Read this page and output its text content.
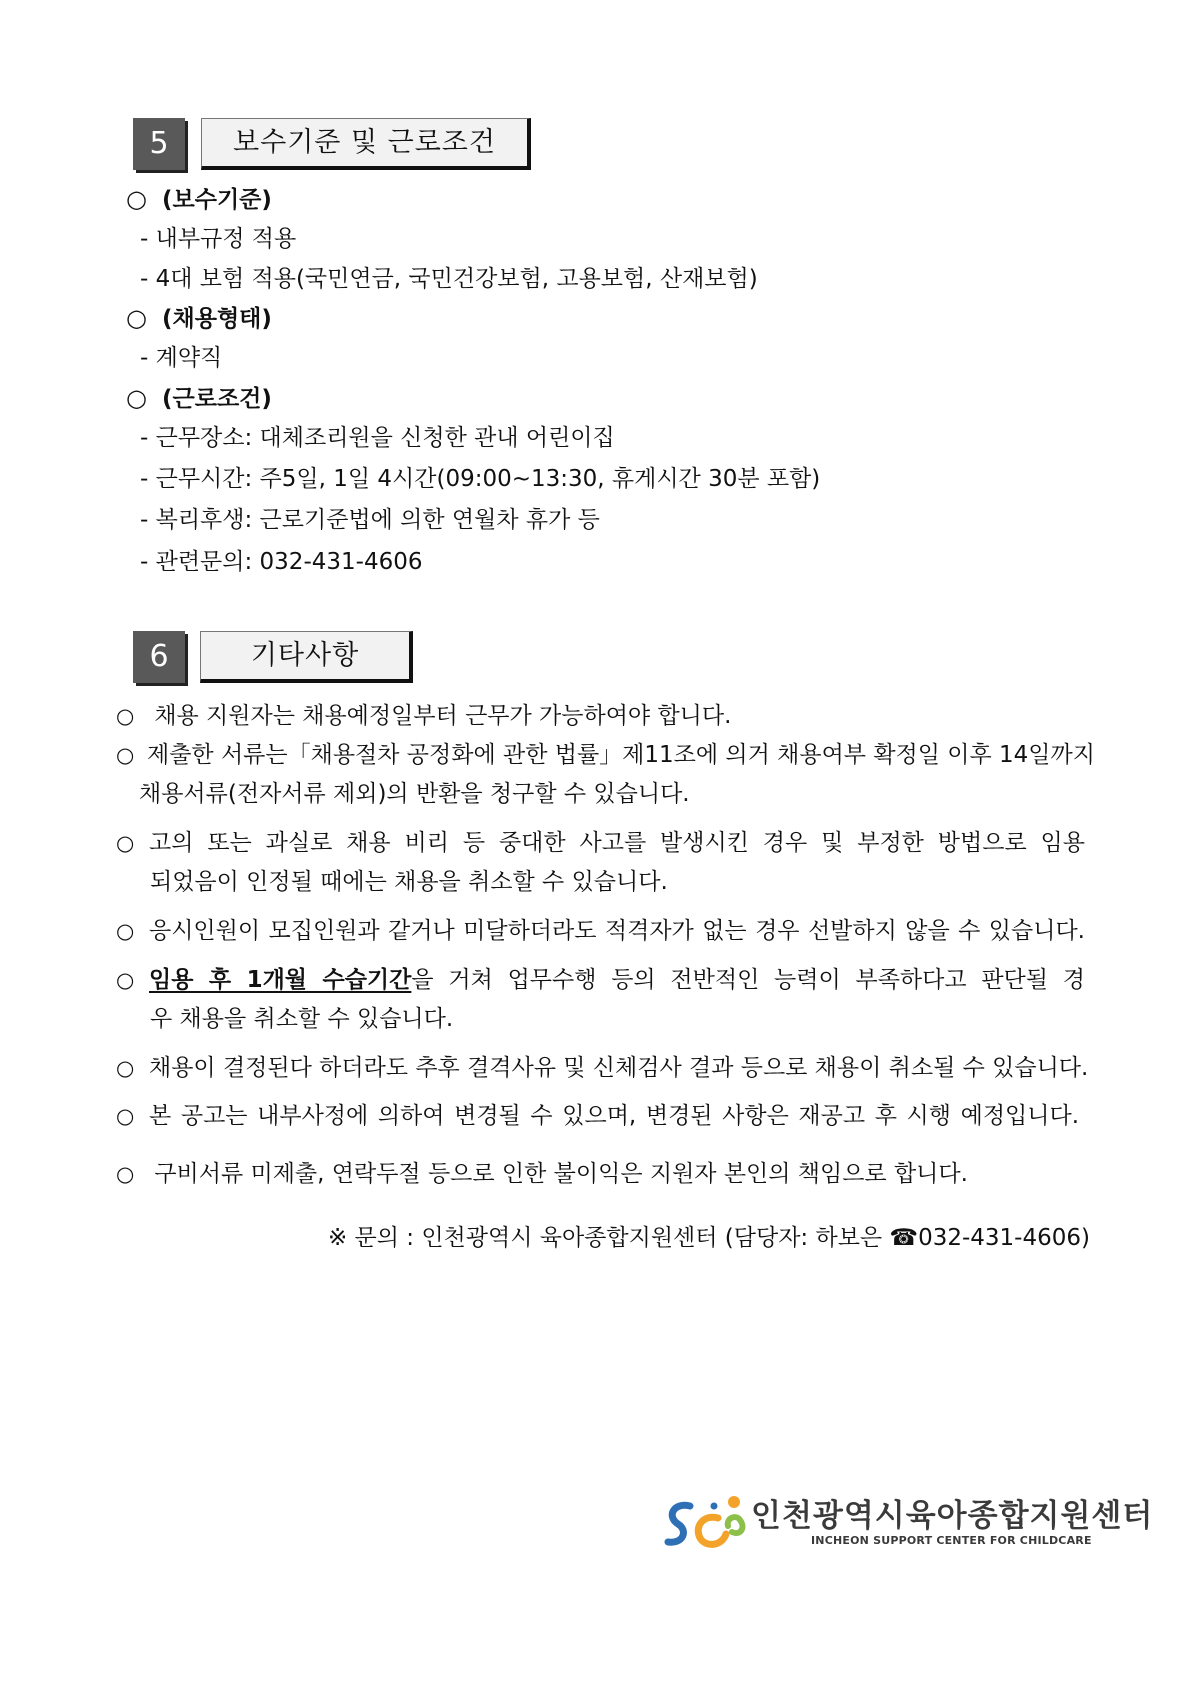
5	보수기준 및 근로조건
○ (보수기준)
- 내부규정 적용
- 4대 보험 적용(국민연금, 국민건강보험, 고용보험, 산재보험)
○ (채용형태)
- 계약직
○ (근로조건)
- 근무장소: 대체조리원을 신청한 관내 어린이집
- 근무시간: 주5일, 1일 4시간(09:00~13:30, 휴게시간 30분 포함)
- 복리후생: 근로기준법에 의한 연월차 휴가 등
- 관련문의: 032-431-4606
6	기타사항
○ 채용 지원자는 채용예정일부터 근무가 가능하여야 합니다.
○ 제출한 서류는「채용절차 공정화에 관한 법률」제11조에 의거 채용여부 확정일 이후 14일까지
채용서류(전자서류 제외)의 반환을 청구할 수 있습니다.
○ 고의 또는 과실로 채용 비리 등 중대한 사고를 발생시킨 경우 및 부정한 방법으로 임용
되었음이 인정될 때에는 채용을 취소할 수 있습니다.
○ 응시인원이 모집인원과 같거나 미달하더라도 적격자가 없는 경우 선발하지 않을 수 있습니다.
○ 임용 후 1개월 수습기간을 거쳐 업무수행 등의 전반적인 능력이 부족하다고 판단될 경
우 채용을 취소할 수 있습니다.
○ 채용이 결정된다 하더라도 추후 결격사유 및 신체검사 결과 등으로 채용이 취소될 수 있습니다.
○ 본 공고는 내부사정에 의하여 변경될 수 있으며, 변경된 사항은 재공고 후 시행 예정입니다.
○ 구비서류 미제출, 연락두절 등으로 인한 불이익은 지원자 본인의 책임으로 합니다.
※ 문의 : 인천광역시 육아종합지원센터 (담당자: 하보은 ☎032-431-4606)
인천광역시육아종합지원센터
INCHEON SUPPORT CENTER FOR CHILDCARE
